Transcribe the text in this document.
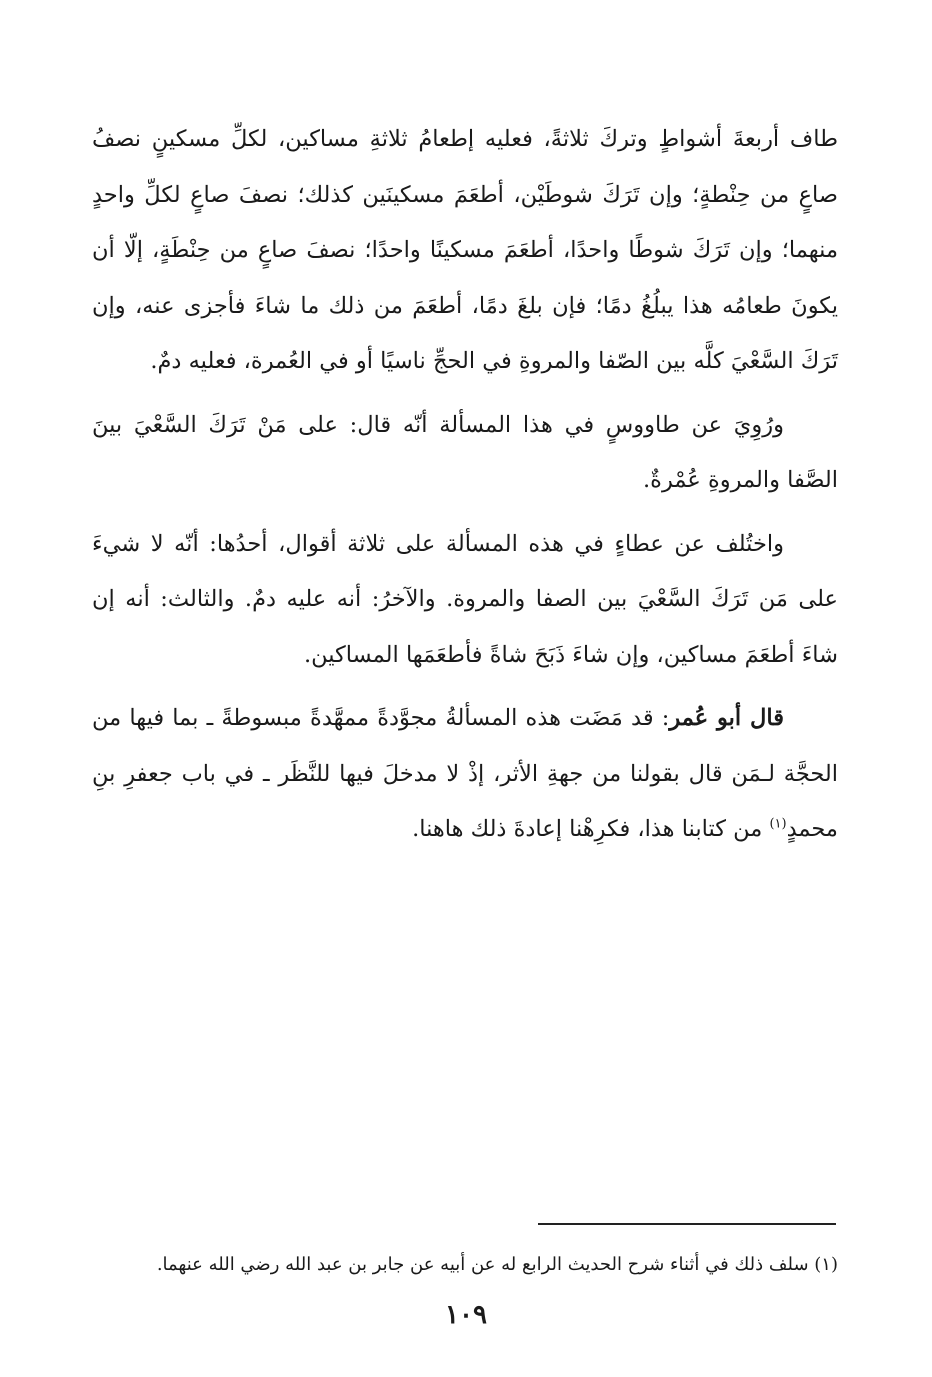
طاف أربعةَ أشواطٍ وتركَ ثلاثةً، فعليه إطعامُ ثلاثةِ مساكين، لكلِّ مسكينٍ نصفُ صاعٍ من حِنْطةٍ؛ وإن تَرَكَ شوطَيْن، أطعَمَ مسكينَين كذلك؛ نصفَ صاعٍ لكلِّ واحدٍ منهما؛ وإن تَرَكَ شوطًا واحدًا، أطعَمَ مسكينًا واحدًا؛ نصفَ صاعٍ من حِنْطَةٍ، إلّا أن يكونَ طعامُه هذا يبلُغُ دمًا؛ فإن بلغَ دمًا، أطعَمَ من ذلك ما شاءَ فأجزى عنه، وإن تَرَكَ السَّعْيَ كلَّه بين الصّفا والمروةِ في الحجِّ ناسيًا أو في العُمرة، فعليه دمٌ.

ورُوِيَ عن طاووسٍ في هذا المسألة أنّه قال: على مَنْ تَرَكَ السَّعْيَ بينَ الصَّفا والمروةِ عُمْرةٌ.

واختُلف عن عطاءٍ في هذه المسألة على ثلاثة أقوال، أحدُها: أنّه لا شيءَ على مَن تَرَكَ السَّعْيَ بين الصفا والمروة. والآخرُ: أنه عليه دمٌ. والثالث: أنه إن شاءَ أطعَمَ مساكين، وإن شاءَ ذَبَحَ شاةً فأطعَمَها المساكين.

قال أبو عُمر: قد مَضَت هذه المسألةُ مجوَّدةً ممهَّدةً مبسوطةً ـ بما فيها من الحجَّة لـمَن قال بقولنا من جهةِ الأثر، إذْ لا مدخلَ فيها للنَّظَر ـ في باب جعفرِ بنِ محمدٍ$^{(١)}$ من كتابنا هذا، فكرِهْنا إعادةَ ذلك هاهنا.

(١) سلف ذلك في أثناء شرح الحديث الرابع له عن أبيه عن جابر بن عبد الله رضي الله عنهما.
١٠٩
